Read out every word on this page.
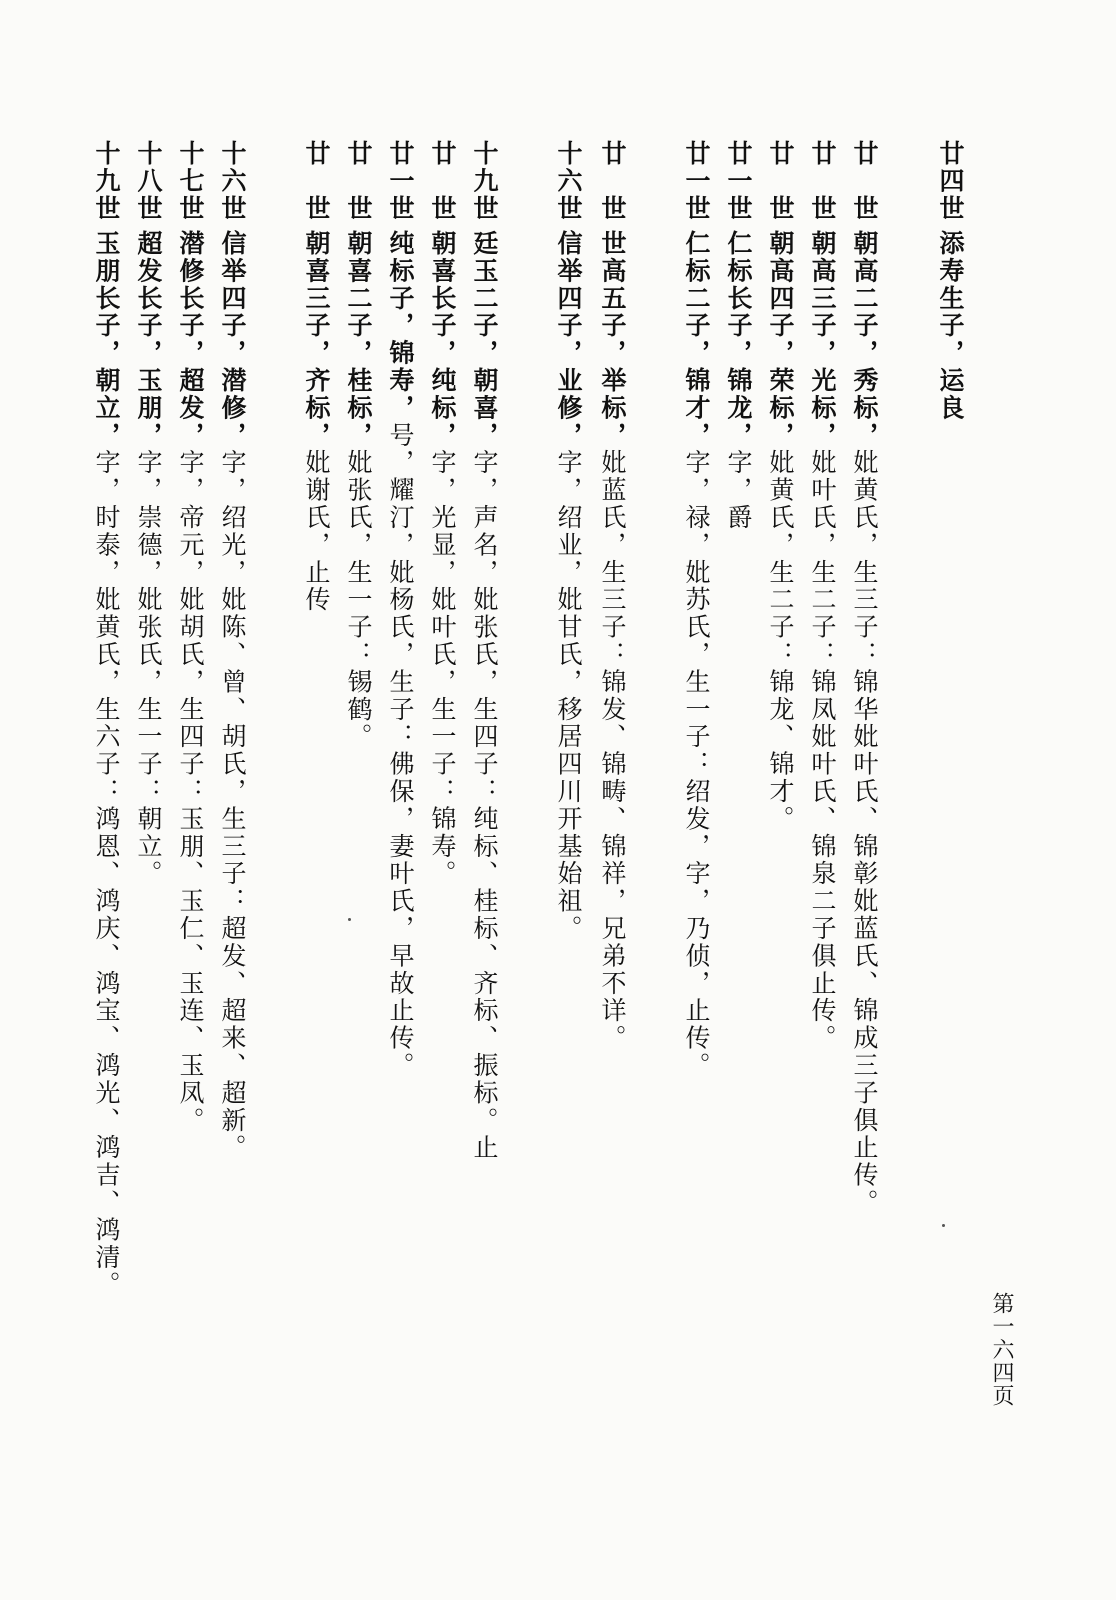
廿四世
添寿生子，运良
廿　世
朝高二子，秀标，妣黄氏，生三子：锦华妣叶氏、锦彰妣蓝氏、锦成三子俱止传。
廿　世
朝高三子，光标，妣叶氏，生二子：锦凤妣叶氏、锦泉二子俱止传。
廿　世
朝高四子，荣标，妣黄氏，生二子：锦龙、锦才。
廿一世
仁标长子，锦龙，字，爵
廿一世
仁标二子，锦才，字，禄，妣苏氏，生一子：绍发，字，乃侦，止传。
廿　世
世高五子，举标，妣蓝氏，生三子：锦发、锦畴、锦祥，兄弟不详。
十六世
信举四子，业修，字，绍业，妣甘氏，移居四川开基始祖。
十九世
廷玉二子，朝喜，字，声名，妣张氏，生四子：纯标、桂标、齐标、振标。止
廿　世
朝喜长子，纯标，字，光显，妣叶氏，生一子：锦寿。
廿一世
纯标子，锦寿，号，耀汀，妣杨氏，生子：佛保，妻叶氏，早故止传。
廿　世
朝喜二子，桂标，妣张氏，生一子：锡鹤。
廿　世
朝喜三子，齐标，妣谢氏，止传
十六世
信举四子，潜修，字，绍光，妣陈、曾、胡氏，生三子：超发、超来、超新。
十七世
潜修长子，超发，字，帝元，妣胡氏，生四子：玉朋、玉仁、玉连、玉凤。
十八世
超发长子，玉朋，字，崇德，妣张氏，生一子：朝立。
十九世
玉朋长子，朝立，字，时泰，妣黄氏，生六子：鸿恩、鸿庆、鸿宝、鸿光、鸿吉、鸿清。
第一六四页
